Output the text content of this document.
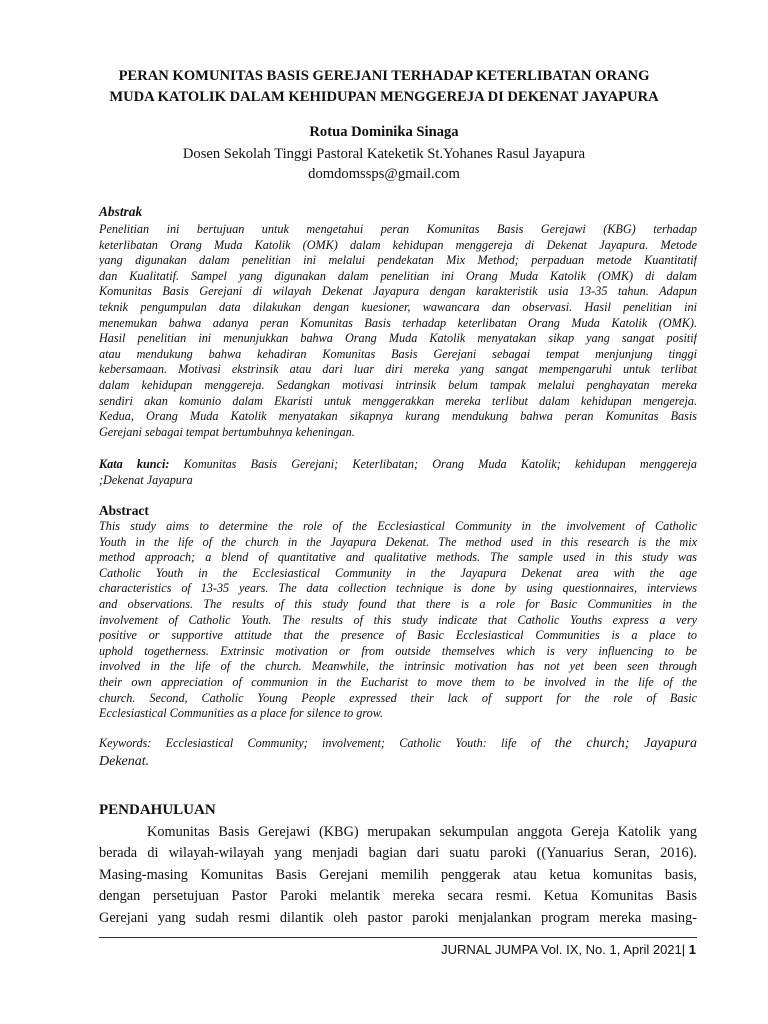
PERAN KOMUNITAS BASIS GEREJANI TERHADAP KETERLIBATAN ORANG
MUDA KATOLIK DALAM KEHIDUPAN MENGGEREJA DI DEKENAT JAYAPURA
Rotua Dominika Sinaga
Dosen Sekolah Tinggi Pastoral Kateketik St.Yohanes Rasul Jayapura
domdomssps@gmail.com
Abstrak
Penelitian ini bertujuan untuk mengetahui peran Komunitas Basis Gerejawi (KBG) terhadap
keterlibatan Orang Muda Katolik (OMK) dalam kehidupan menggereja di Dekenat Jayapura. Metode
yang digunakan dalam penelitian ini melalui pendekatan Mix Method; perpaduan metode Kuantitatif
dan Kualitatif. Sampel yang digunakan dalam penelitian ini Orang Muda Katolik (OMK) di dalam
Komunitas Basis Gerejani di wilayah Dekenat Jayapura dengan karakteristik usia 13-35 tahun. Adapun
teknik pengumpulan data dilakukan dengan kuesioner, wawancara dan observasi. Hasil penelitian ini
menemukan bahwa adanya peran Komunitas Basis terhadap keterlibatan Orang Muda Katolik (OMK).
Hasil penelitian ini menunjukkan bahwa Orang Muda Katolik menyatakan sikap yang sangat positif
atau mendukung bahwa kehadiran Komunitas Basis Gerejani sebagai tempat menjunjung tinggi
kebersamaan. Motivasi ekstrinsik atau dari luar diri mereka yang sangat mempengaruhi untuk terlibat
dalam kehidupan menggereja. Sedangkan motivasi intrinsik belum tampak melalui penghayatan mereka
sendiri akan komunio dalam Ekaristi untuk menggerakkan mereka terlibut dalam kehidupan mengereja.
Kedua, Orang Muda Katolik menyatakan sikapnya kurang mendukung bahwa peran Komunitas Basis
Gerejani sebagai tempat bertumbuhnya keheningan.
Kata kunci: Komunitas Basis Gerejani; Keterlibatan; Orang Muda Katolik; kehidupan menggereja
;Dekenat Jayapura
Abstract
This study aims to determine the role of the Ecclesiastical Community in the involvement of Catholic
Youth in the life of the church in the Jayapura Dekenat. The method used in this research is the mix
method approach; a blend of quantitative and qualitative methods. The sample used in this study was
Catholic Youth in the Ecclesiastical Community in the Jayapura Dekenat area with the age
characteristics of 13-35 years. The data collection technique is done by using questionnaires, interviews
and observations. The results of this study found that there is a role for Basic Communities in the
involvement of Catholic Youth. The results of this study indicate that Catholic Youths express a very
positive or supportive attitude that the presence of Basic Ecclesiastical Communities is a place to
uphold togetherness. Extrinsic motivation or from outside themselves which is very influencing to be
involved in the life of the church. Meanwhile, the intrinsic motivation has not yet been seen through
their own appreciation of communion in the Eucharist to move them to be involved in the life of the
church. Second, Catholic Young People expressed their lack of support for the role of Basic
Ecclesiastical Communities as a place for silence to grow.
Keywords: Ecclesiastical Community; involvement; Catholic Youth: life of the church; Jayapura
Dekenat.
PENDAHULUAN
Komunitas Basis Gerejawi (KBG) merupakan sekumpulan anggota Gereja Katolik yang
berada di wilayah-wilayah yang menjadi bagian dari suatu paroki ((Yanuarius Seran, 2016).
Masing-masing Komunitas Basis Gerejani memilih penggerak atau ketua komunitas basis,
dengan persetujuan Pastor Paroki melantik mereka secara resmi. Ketua Komunitas Basis
Gerejani yang sudah resmi dilantik oleh pastor paroki menjalankan program mereka masing-
JURNAL JUMPA Vol. IX, No. 1, April 2021| 1
